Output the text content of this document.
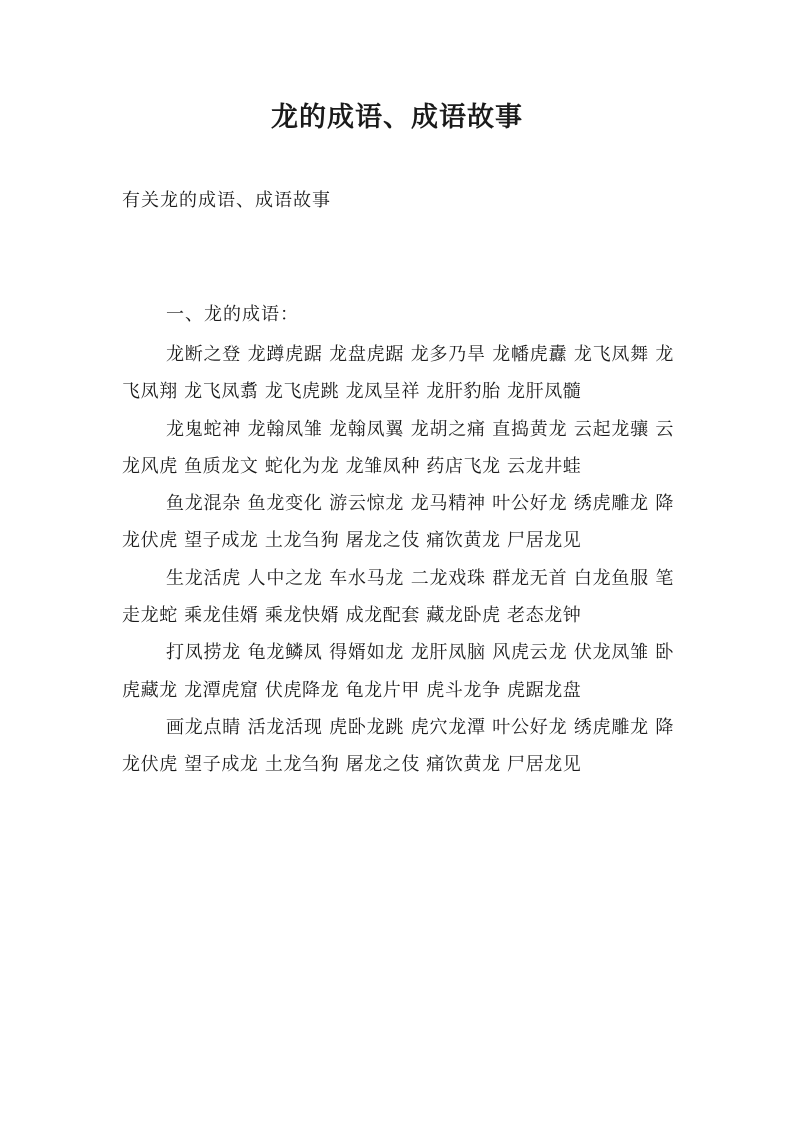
龙的成语、成语故事

有关龙的成语、成语故事

一、龙的成语：

龙断之登 龙蹲虎踞 龙盘虎踞 龙多乃旱 龙幡虎纛 龙飞凤舞 龙飞凤翔 龙飞凤翥 龙飞虎跳 龙凤呈祥 龙肝豹胎 龙肝凤髓

龙鬼蛇神 龙翰凤雏 龙翰凤翼 龙胡之痛 直捣黄龙 云起龙骧 云龙风虎 鱼质龙文 蛇化为龙 龙雏凤种 药店飞龙 云龙井蛙

鱼龙混杂 鱼龙变化 游云惊龙 龙马精神 叶公好龙 绣虎雕龙 降龙伏虎 望子成龙 土龙刍狗 屠龙之伎 痛饮黄龙 尸居龙见

生龙活虎 人中之龙 车水马龙 二龙戏珠 群龙无首 白龙鱼服 笔走龙蛇 乘龙佳婿 乘龙快婿 成龙配套 藏龙卧虎 老态龙钟

打凤捞龙 龟龙鳞凤 得婿如龙 龙肝凤脑 风虎云龙 伏龙凤雏 卧虎藏龙 龙潭虎窟 伏虎降龙 龟龙片甲 虎斗龙争 虎踞龙盘

画龙点睛 活龙活现 虎卧龙跳 虎穴龙潭 叶公好龙 绣虎雕龙 降龙伏虎 望子成龙 土龙刍狗 屠龙之伎 痛饮黄龙 尸居龙见
